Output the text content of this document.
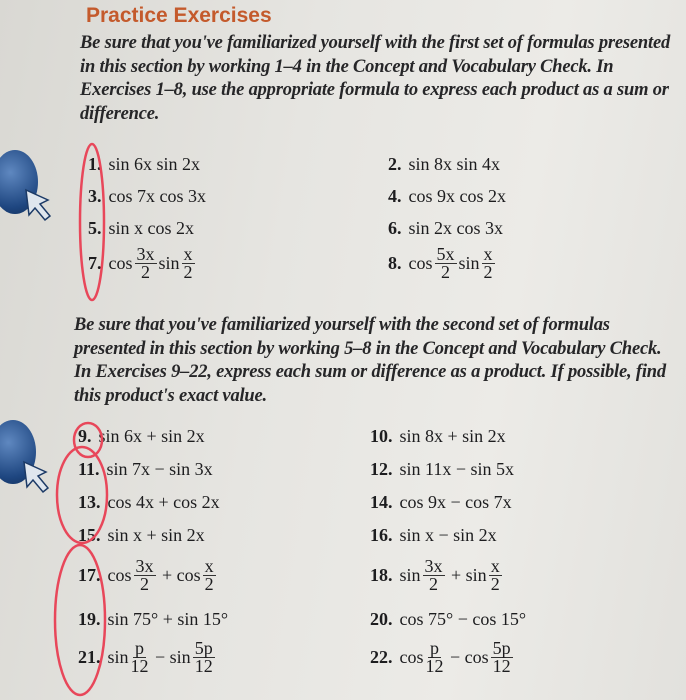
Practice Exercises
Be sure that you've familiarized yourself with the first set of formulas presented in this section by working 1–4 in the Concept and Vocabulary Check. In Exercises 1–8, use the appropriate formula to express each product as a sum or difference.
Be sure that you've familiarized yourself with the second set of formulas presented in this section by working 5–8 in the Concept and Vocabulary Check. In Exercises 9–22, express each sum or difference as a product. If possible, find this product's exact value.
1. sin 6x sin 2x	2. sin 8x sin 4x
3. cos 7x cos 3x	4. cos 9x cos 2x
5. sin x cos 2x	6. sin 2x cos 3x
7. $\cos \frac{3x}{2}$ $\sin \frac{x}{2}$	8. $\cos \frac{5x}{2}$ $\sin \frac{x}{2}$
9. sin 6x + sin 2x	10. sin 8x + sin 2x
11. sin 7x − sin 3x	12. sin 11x − sin 5x
13. cos 4x + cos 2x	14. cos 9x − cos 7x
15. sin x + sin 2x	16. sin x − sin 2x
17. $\cos \frac{3x}{2} + \cos \frac{x}{2}$	18. $\sin \frac{3x}{2} + \sin \frac{x}{2}$
19. sin 75° + sin 15°	20. cos 75° − cos 15°
21. $\sin \frac{p}{12} - \sin \frac{5p}{12}$	22. $\cos \frac{p}{12} - \cos \frac{5p}{12}$
